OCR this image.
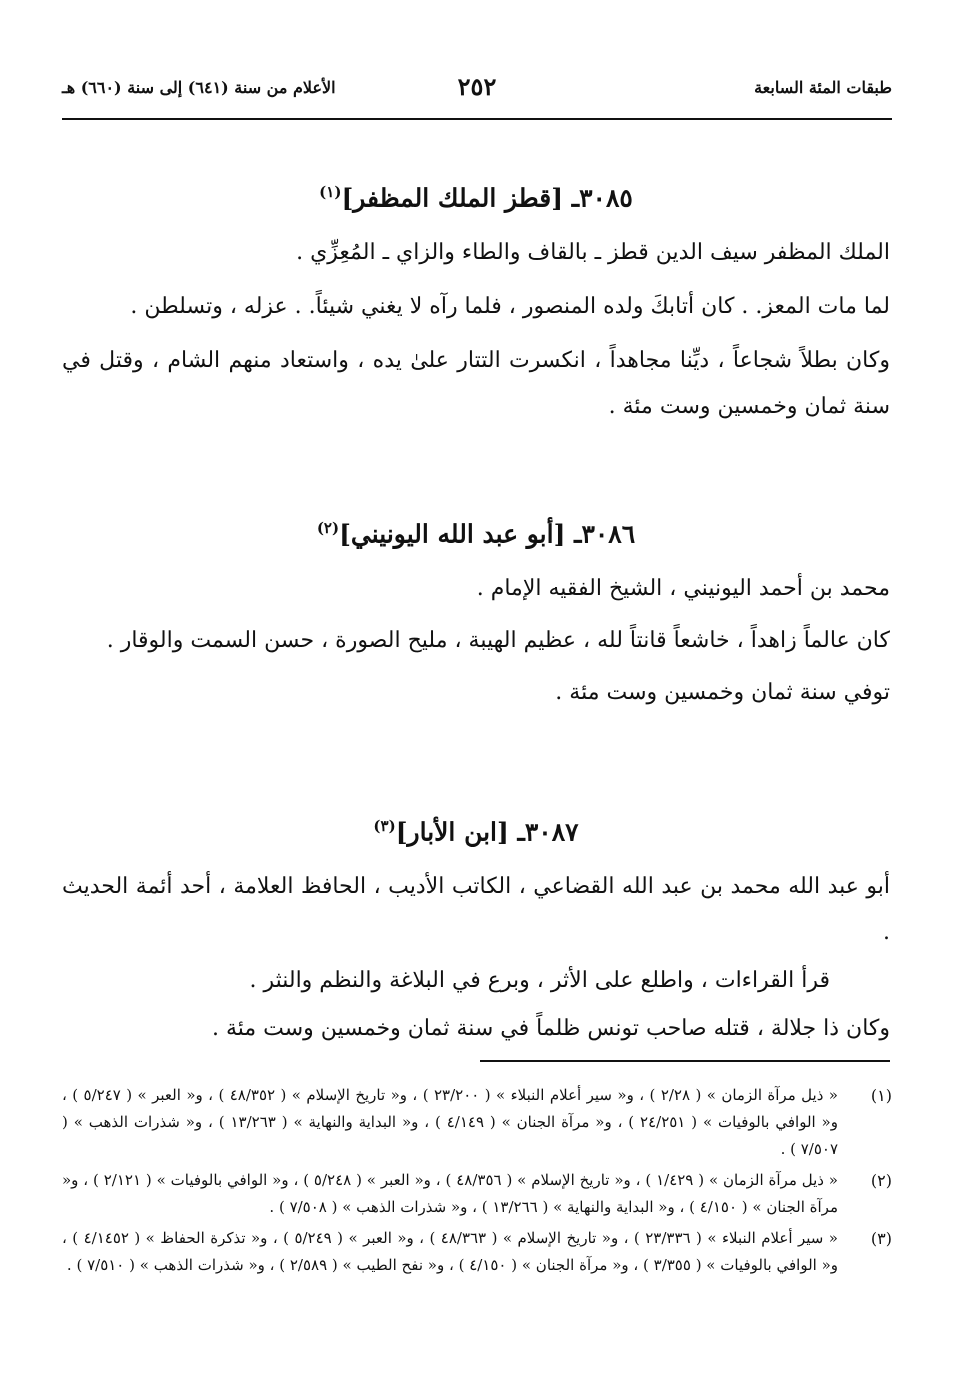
طبقات المئة السابعة
٢٥٢
الأعلام من سنة (٦٤١) إلى سنة (٦٦٠) هـ
٣٠٨٥ـ [قطز الملك المظفر]$^{(١)}$

الملك المظفر سيف الدين قطز ـ بالقاف والطاء والزاي ـ المُعِزِّي .

لما مات المعز. . كان أتابكَ ولده المنصور ، فلما رآه لا يغني شيئاً. . عزله ، وتسلطن .

وكان بطلاً شجاعاً ، ديِّنا مجاهداً ، انكسرت التتار علىٰ يده ، واستعاد منهم الشام ، وقتل في سنة ثمان وخمسين وست مئة .

٣٠٨٦ـ [أبو عبد الله اليونيني]$^{(٢)}$

محمد بن أحمد اليونيني ، الشيخ الفقيه الإمام .

كان عالماً زاهداً ، خاشعاً قانتاً لله ، عظيم الهيبة ، مليح الصورة ، حسن السمت والوقار .

توفي سنة ثمان وخمسين وست مئة .

٣٠٨٧ـ [ابن الأبار]$^{(٣)}$

أبو عبد الله محمد بن عبد الله القضاعي ، الكاتب الأديب ، الحافظ العلامة ، أحد أئمة الحديث .

قرأ القراءات ، واطلع على الأثر ، وبرع في البلاغة والنظم والنثر .

وكان ذا جلالة ، قتله صاحب تونس ظلماً في سنة ثمان وخمسين وست مئة .

(١)
« ذيل مرآة الزمان » ( ٢/٢٨ ) ، و« سير أعلام النبلاء » ( ٢٣/٢٠٠ ) ، و« تاريخ الإسلام » ( ٤٨/٣٥٢ ) ، و« العبر » ( ٥/٢٤٧ ) ، و« الوافي بالوفيات » ( ٢٤/٢٥١ ) ، و« مرآة الجنان » ( ٤/١٤٩ ) ، و« البداية والنهاية » ( ١٣/٢٦٣ ) ، و« شذرات الذهب » ( ٧/٥٠٧ ) .

(٢)
« ذيل مرآة الزمان » ( ١/٤٢٩ ) ، و« تاريخ الإسلام » ( ٤٨/٣٥٦ ) ، و« العبر » ( ٥/٢٤٨ ) ، و« الوافي بالوفيات » ( ٢/١٢١ ) ، و« مرآة الجنان » ( ٤/١٥٠ ) ، و« البداية والنهاية » ( ١٣/٢٦٦ ) ، و« شذرات الذهب » ( ٧/٥٠٨ ) .

(٣)
« سير أعلام النبلاء » ( ٢٣/٣٣٦ ) ، و« تاريخ الإسلام » ( ٤٨/٣٦٣ ) ، و« العبر » ( ٥/٢٤٩ ) ، و« تذكرة الحفاظ » ( ٤/١٤٥٢ ) ، و« الوافي بالوفيات » ( ٣/٣٥٥ ) ، و« مرآة الجنان » ( ٤/١٥٠ ) ، و« نفح الطيب » ( ٢/٥٨٩ ) ، و« شذرات الذهب » ( ٧/٥١٠ ) .
